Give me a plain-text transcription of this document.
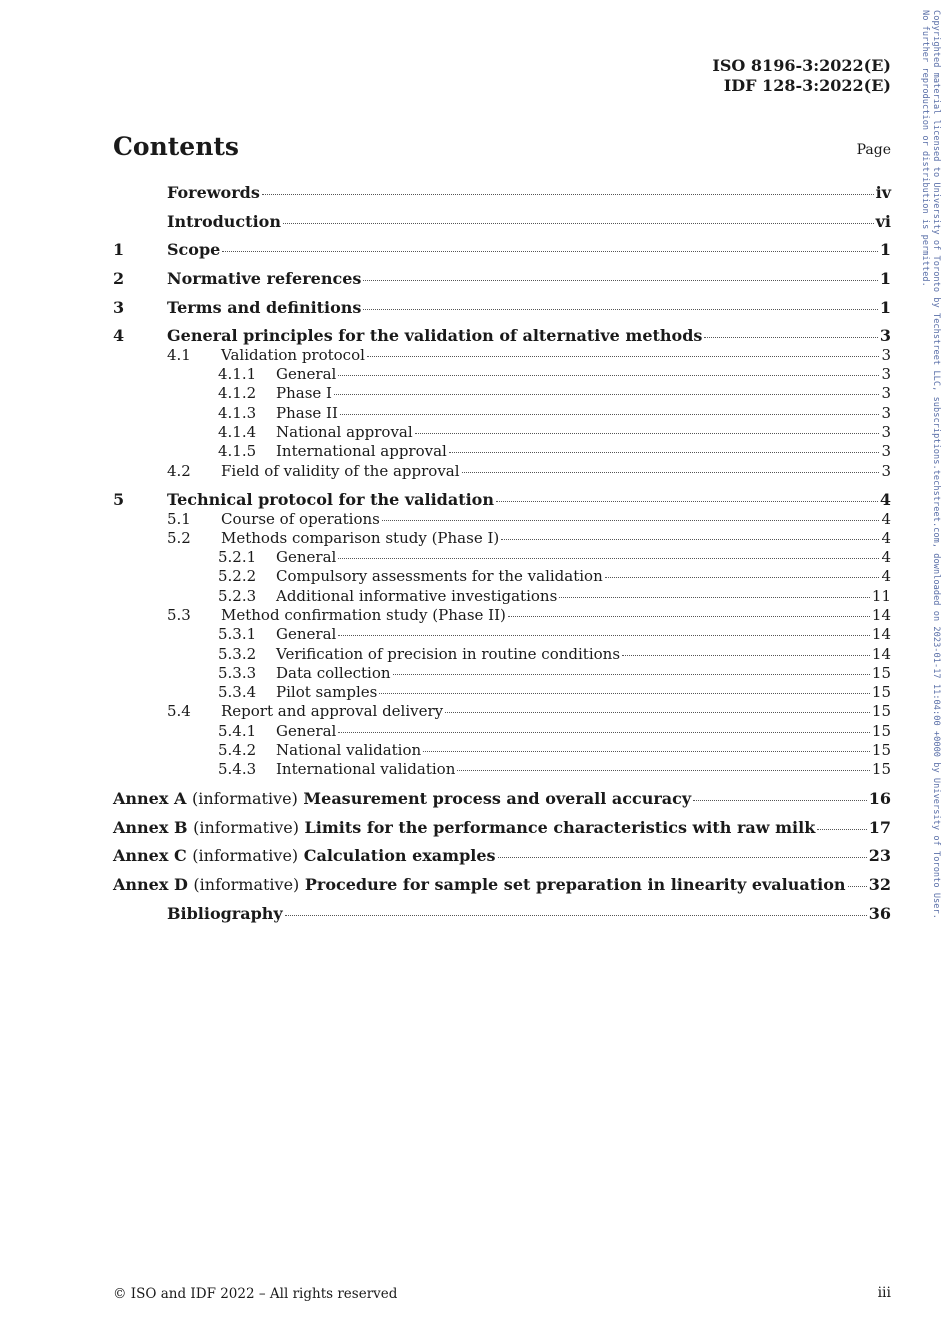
Copyrighted material licensed to University of Toronto by Techstreet LLC, subscriptions.techstreet.com, downloaded on 2023-01-17 11:04:00 +0000 by University of Toronto User.
No further reproduction or distribution is permitted.
ISO 8196-3:2022(E)
IDF 128-3:2022(E)
Contents	Page
Forewords	iv
Introduction	vi
1	Scope	1
2	Normative references	1
3	Terms and definitions	1
4	General principles for the validation of alternative methods	3
4.1	Validation protocol	3
4.1.1	General	3
4.1.2	Phase I	3
4.1.3	Phase II	3
4.1.4	National approval	3
4.1.5	International approval	3
4.2	Field of validity of the approval	3
5	Technical protocol for the validation	4
5.1	Course of operations	4
5.2	Methods comparison study (Phase I)	4
5.2.1	General	4
5.2.2	Compulsory assessments for the validation	4
5.2.3	Additional informative investigations	11
5.3	Method confirmation study (Phase II)	14
5.3.1	General	14
5.3.2	Verification of precision in routine conditions	14
5.3.3	Data collection	15
5.3.4	Pilot samples	15
5.4	Report and approval delivery	15
5.4.1	General	15
5.4.2	National validation	15
5.4.3	International validation	15
Annex A (informative) Measurement process and overall accuracy	16
Annex B (informative) Limits for the performance characteristics with raw milk	17
Annex C (informative) Calculation examples	23
Annex D (informative) Procedure for sample set preparation in linearity evaluation 32
Bibliography	36
© ISO and IDF 2022 – All rights reserved	iii
